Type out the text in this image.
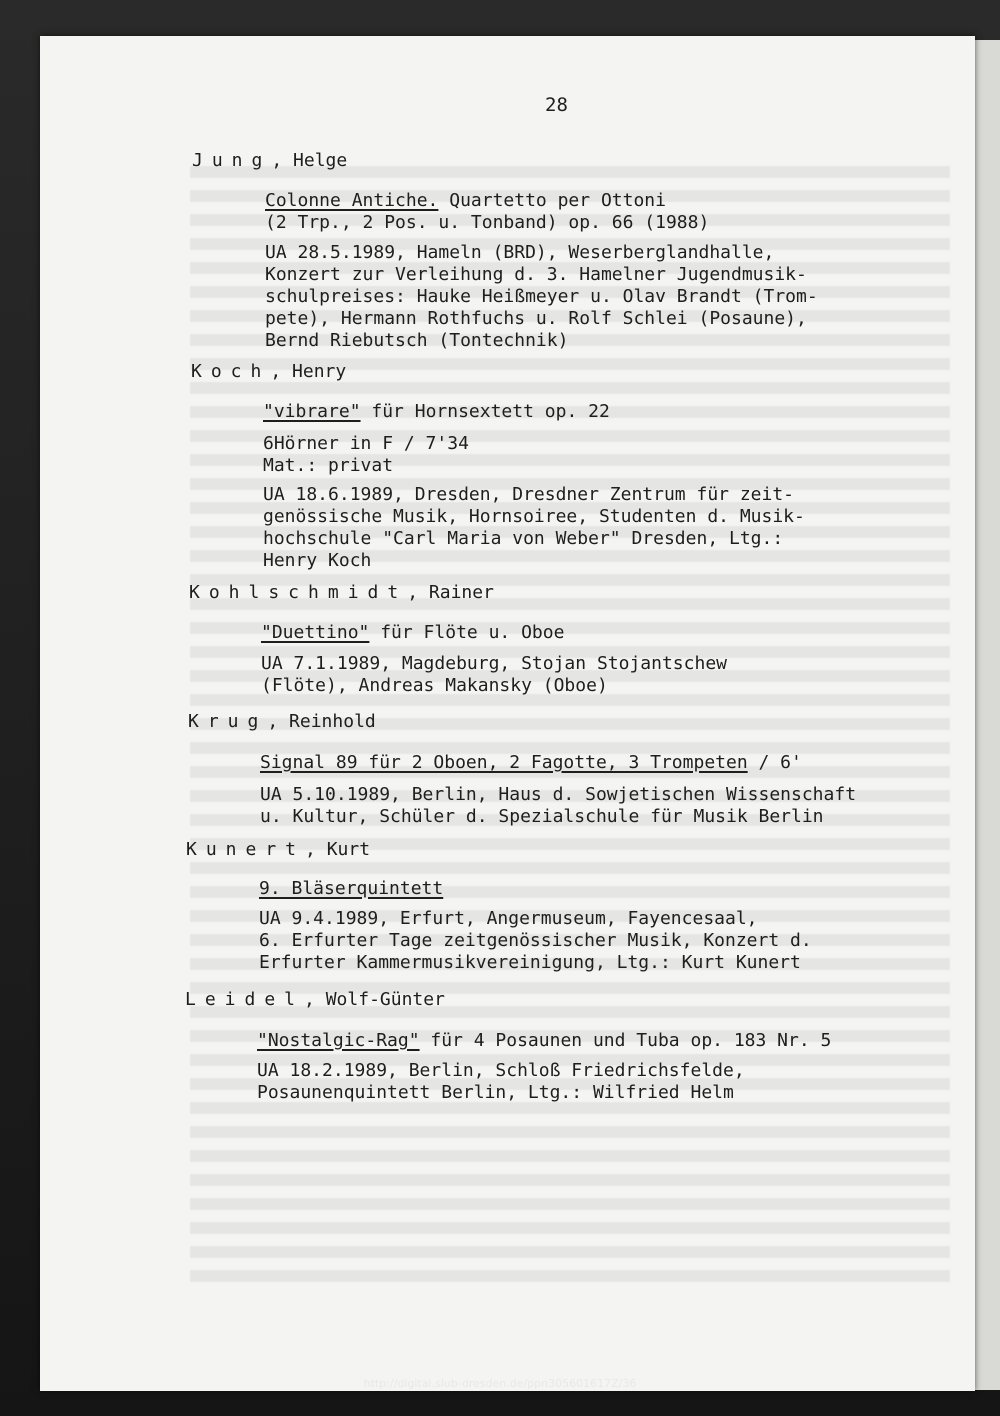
28
Jung, Helge
Colonne Antiche. Quartetto per Ottoni
(2 Trp., 2 Pos. u. Tonband) op. 66 (1988)
UA 28.5.1989, Hameln (BRD), Weserberglandhalle,
Konzert zur Verleihung d. 3. Hamelner Jugendmusik-
schulpreises: Hauke Heißmeyer u. Olav Brandt (Trom-
pete), Hermann Rothfuchs u. Rolf Schlei (Posaune),
Bernd Riebutsch (Tontechnik)
Koch, Henry
"vibrare" für Hornsextett op. 22
6Hörner in F / 7'34
Mat.: privat
UA 18.6.1989, Dresden, Dresdner Zentrum für zeit-
genössische Musik, Hornsoiree, Studenten d. Musik-
hochschule "Carl Maria von Weber" Dresden, Ltg.:
Henry Koch
Kohlschmidt, Rainer
"Duettino" für Flöte u. Oboe
UA 7.1.1989, Magdeburg, Stojan Stojantschew
(Flöte), Andreas Makansky (Oboe)
Krug, Reinhold
Signal 89 für 2 Oboen, 2 Fagotte, 3 Trompeten / 6'
UA 5.10.1989, Berlin, Haus d. Sowjetischen Wissenschaft
u. Kultur, Schüler d. Spezialschule für Musik Berlin
Kunert, Kurt
9. Bläserquintett
UA 9.4.1989, Erfurt, Angermuseum, Fayencesaal,
6. Erfurter Tage zeitgenössischer Musik, Konzert d.
Erfurter Kammermusikvereinigung, Ltg.: Kurt Kunert
Leidel, Wolf-Günter
"Nostalgic-Rag" für 4 Posaunen und Tuba op. 183 Nr. 5
UA 18.2.1989, Berlin, Schloß Friedrichsfelde,
Posaunenquintett Berlin, Ltg.: Wilfried Helm
http://digital.slub-dresden.de/ppn305601617Z/36
